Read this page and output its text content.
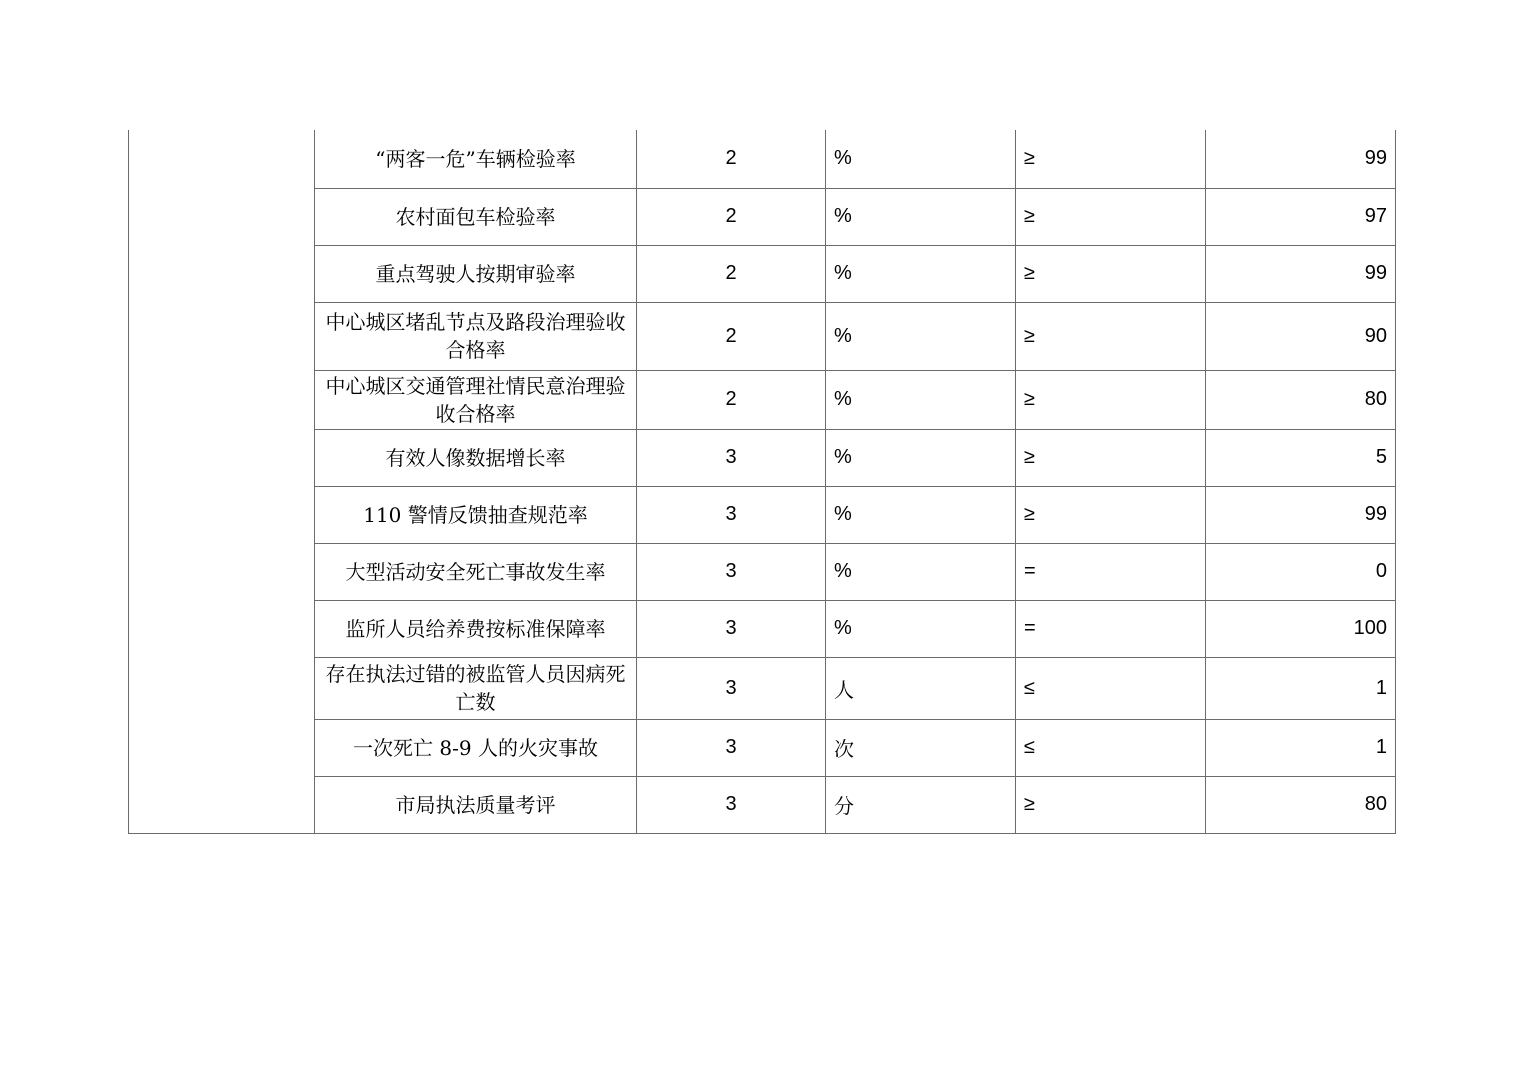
	“两客一危”车辆检验率	2	%	≥	99
	农村面包车检验率	2	%	≥	97
	重点驾驶人按期审验率	2	%	≥	99
	中心城区堵乱节点及路段治理验收合格率	2	%	≥	90
	中心城区交通管理社情民意治理验收合格率	2	%	≥	80
	有效人像数据增长率	3	%	≥	5
	110 警情反馈抽查规范率	3	%	≥	99
	大型活动安全死亡事故发生率	3	%	=	0
	监所人员给养费按标准保障率	3	%	=	100
	存在执法过错的被监管人员因病死亡数	3	人	≤	1
	一次死亡 8-9 人的火灾事故	3	次	≤	1
	市局执法质量考评	3	分	≥	80
